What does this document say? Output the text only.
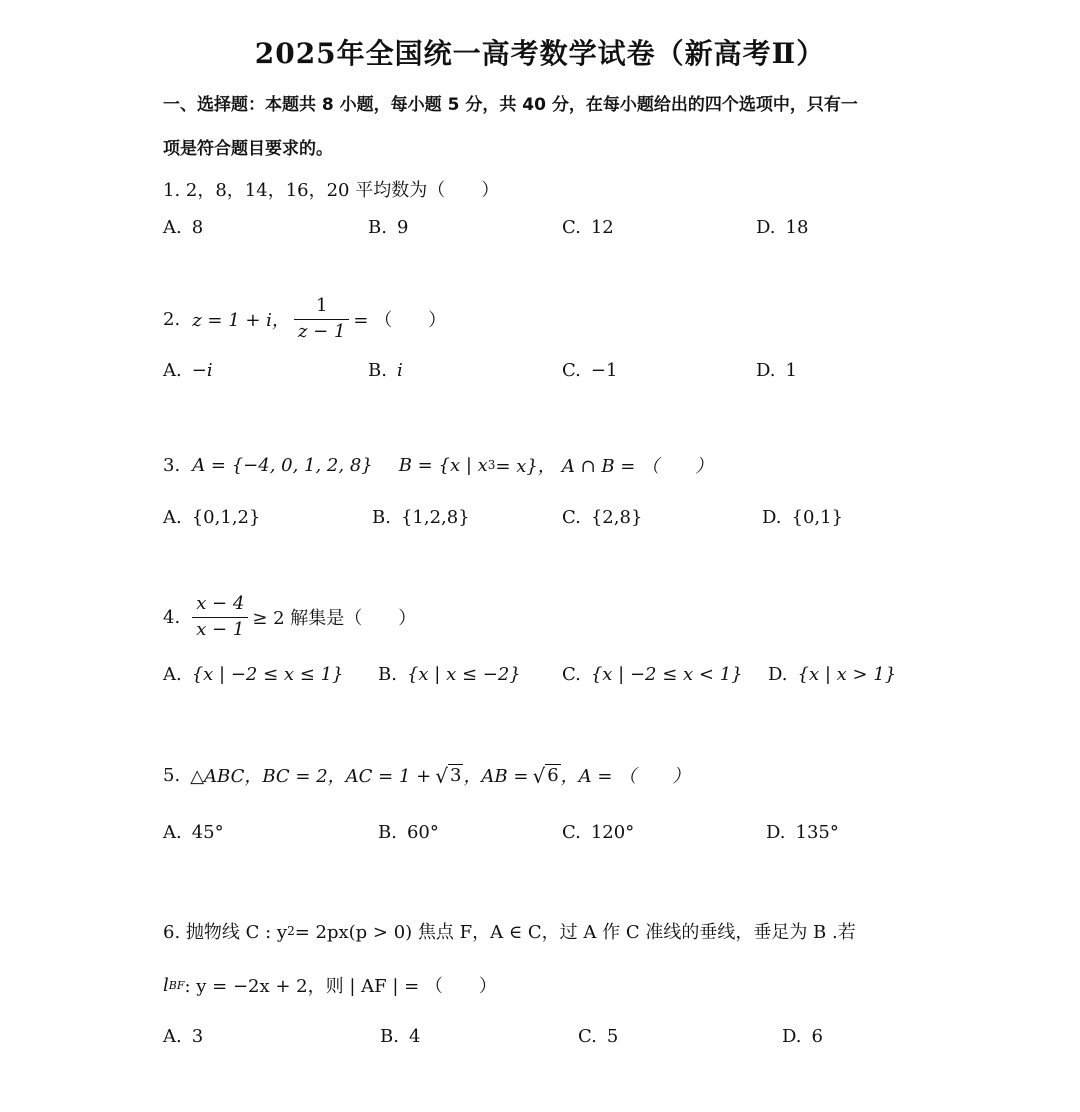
2025年全国统一高考数学试卷（新高考Ⅱ）
一、选择题：本题共 8 小题，每小题 5 分，共 40 分，在每小题给出的四个选项中，只有一
项是符合题目要求的。
1. 2，8，14，16，20 平均数为（　　）
A. 8	B. 9	C. 12	D. 18
2. z = 1 + i， $\frac{1}{z - 1}$ = （　　）
A. −i	B. i	C. −1	D. 1
3. A = {−4, 0, 1, 2, 8} B = {x | x 3 = x}， A ∩ B = （　　）
A. {0,1,2}	B. {1,2,8}	C. {2,8}	D. {0,1}
4. $\frac{x - 4}{x - 1} \ge 2$ 解集是（　　）
A. {x | −2 ≤ x ≤ 1} B. {x | x ≤ −2} C. {x | −2 ≤ x < 1} D. {x | x > 1}
5. △ABC，BC = 2，AC = 1 + √ 3 ，AB = √ 6 ，A = （　　）
A. 45°	B. 60°	C. 120°	D. 135°
6. 抛物线 C : y 2 = 2px(p > 0) 焦点 F，A ∈ C，过 A 作 C 准线的垂线，垂足为 B .若
l BF : y = −2x + 2，则 | AF | = （　　）
A. 3	B. 4	C. 5	D. 6
